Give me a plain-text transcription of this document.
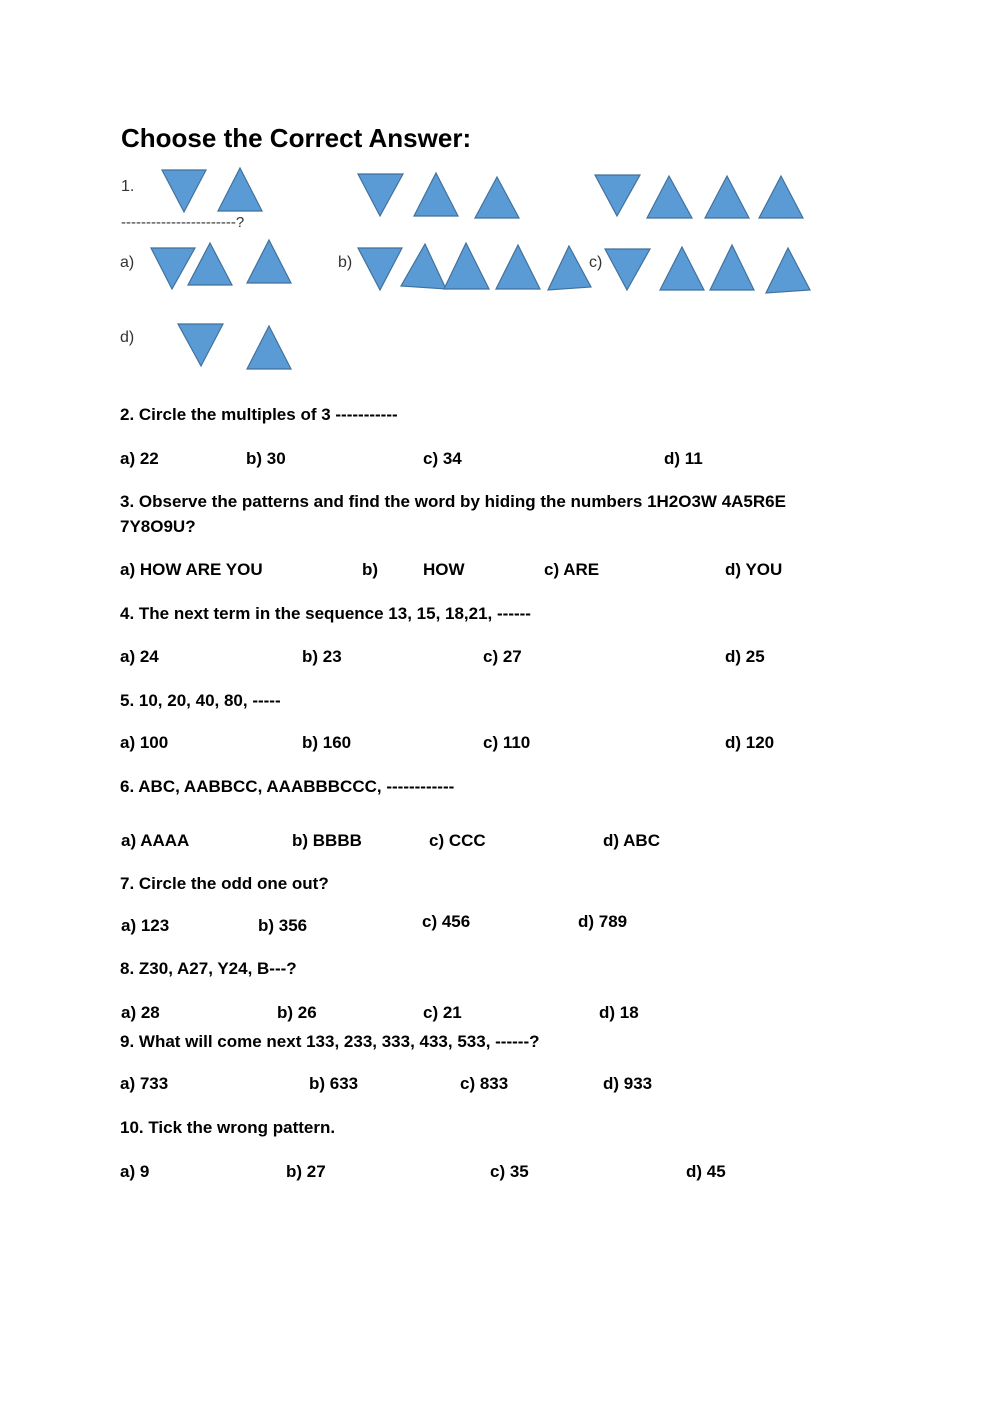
Choose the Correct Answer:
1.
-----------------------?
a)	b)	c)
d)
2. Circle the multiples of 3 -----------
a) 22	b) 30	c) 34	d) 11
3. Observe the patterns and find the word by hiding the numbers 1H2O3W 4A5R6E
7Y8O9U?
a) HOW ARE YOU	b)	HOW	c) ARE	d) YOU
4. The next term in the sequence 13, 15, 18,21, ------
a) 24	b) 23	c) 27	d) 25
5. 10, 20, 40, 80, -----
a) 100	b) 160	c) 110	d) 120
6. ABC, AABBCC, AAABBBCCC, ------------
a) AAAA	b) BBBB	c) CCC	d) ABC
7. Circle the odd one out?
a) 123	b) 356	c) 456	d) 789
8. Z30, A27, Y24, B---?
a) 28	b) 26	c) 21	d) 18
9. What will come next 133, 233, 333, 433, 533, ------?
a) 733	b) 633	c) 833	d) 933
10. Tick the wrong pattern.
a) 9	b) 27	c) 35	d) 45
